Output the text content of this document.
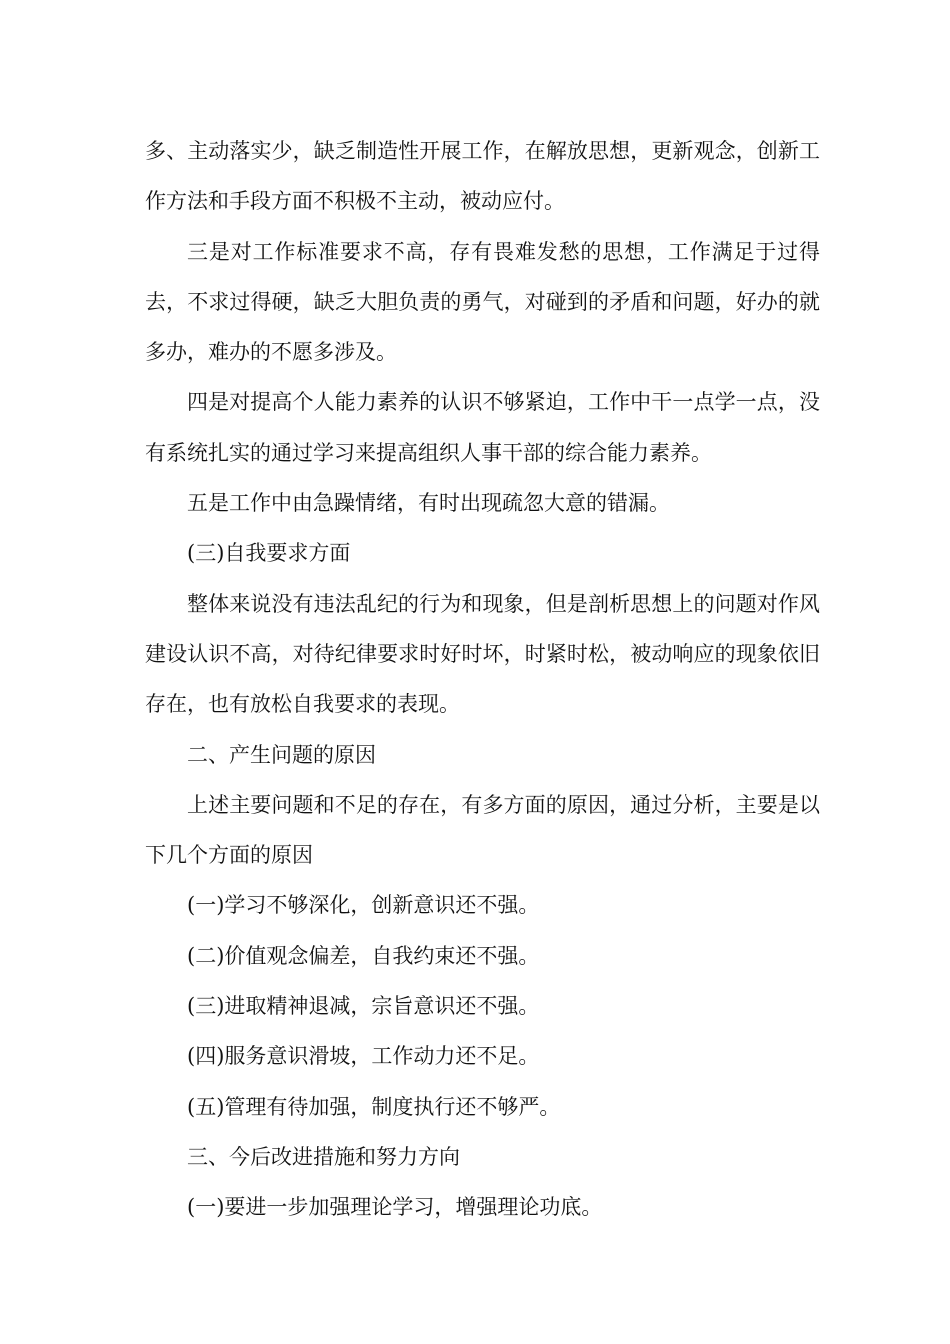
多、主动落实少，缺乏制造性开展工作，在解放思想，更新观念，创新工作方法和手段方面不积极不主动，被动应付。

三是对工作标准要求不高，存有畏难发愁的思想，工作满足于过得去，不求过得硬，缺乏大胆负责的勇气，对碰到的矛盾和问题，好办的就多办，难办的不愿多涉及。

四是对提高个人能力素养的认识不够紧迫，工作中干一点学一点，没有系统扎实的通过学习来提高组织人事干部的综合能力素养。

五是工作中由急躁情绪，有时出现疏忽大意的错漏。

(三)自我要求方面

整体来说没有违法乱纪的行为和现象，但是剖析思想上的问题对作风建设认识不高，对待纪律要求时好时坏，时紧时松，被动响应的现象依旧存在，也有放松自我要求的表现。

二、产生问题的原因

上述主要问题和不足的存在，有多方面的原因，通过分析，主要是以下几个方面的原因

(一)学习不够深化，创新意识还不强。

(二)价值观念偏差，自我约束还不强。

(三)进取精神退减，宗旨意识还不强。

(四)服务意识滑坡，工作动力还不足。

(五)管理有待加强，制度执行还不够严。

三、今后改进措施和努力方向

(一)要进一步加强理论学习，增强理论功底。
